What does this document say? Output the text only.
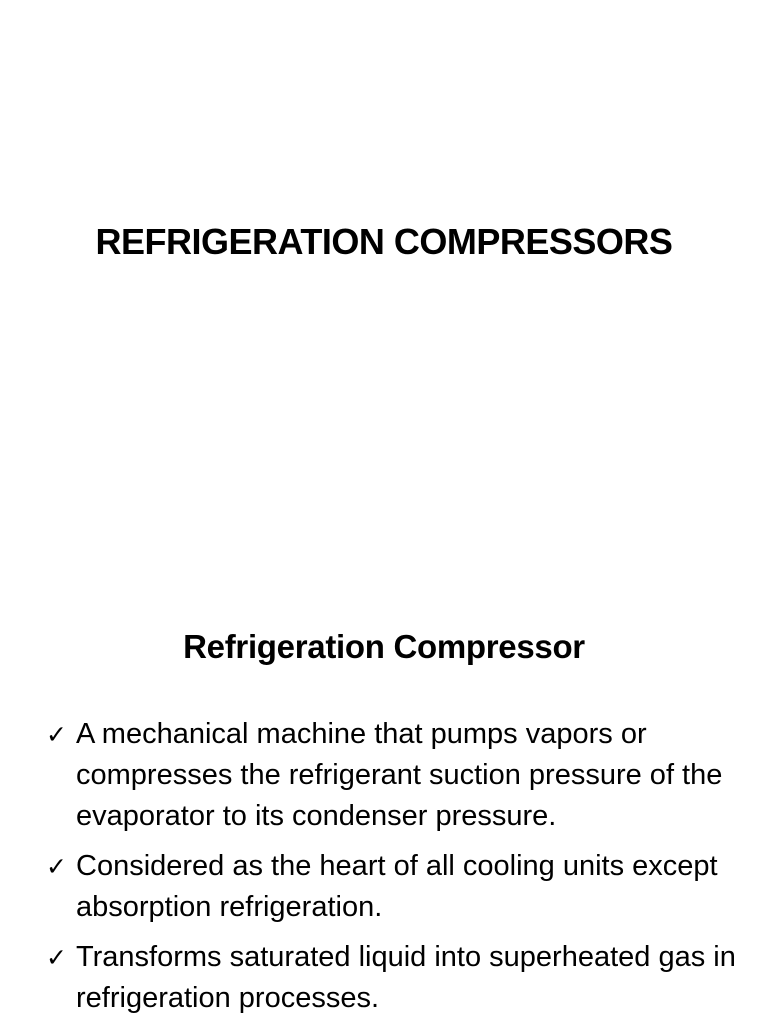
REFRIGERATION COMPRESSORS
Refrigeration Compressor
✓ A mechanical machine that pumps vapors or compresses the refrigerant suction pressure of the evaporator to its condenser pressure.
✓ Considered as the heart of all cooling units except absorption refrigeration.
✓ Transforms saturated liquid into superheated gas in refrigeration processes.
